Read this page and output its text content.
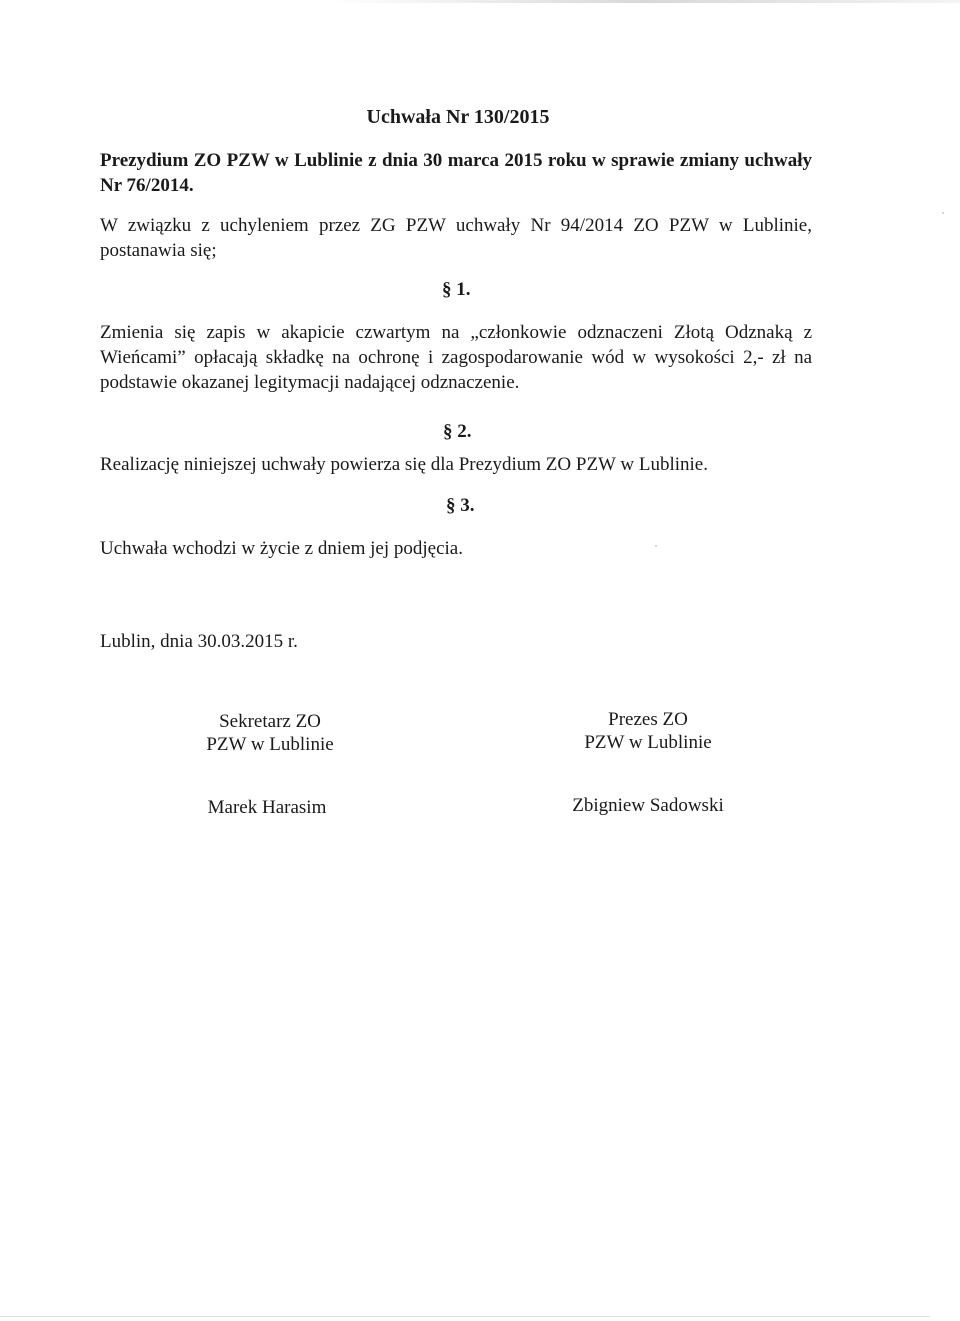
Uchwała Nr 130/2015
Prezydium ZO PZW w Lublinie z dnia 30 marca 2015 roku w sprawie zmiany uchwały Nr 76/2014.
W związku z uchyleniem przez ZG PZW uchwały Nr 94/2014 ZO PZW w Lublinie, postanawia się;
§ 1.
Zmienia się zapis w akapicie czwartym na „członkowie odznaczeni Złotą Odznaką z Wieńcami” opłacają składkę na ochronę i zagospodarowanie wód w wysokości 2,- zł na podstawie okazanej legitymacji nadającej odznaczenie.
§ 2.
Realizację niniejszej uchwały powierza się dla Prezydium ZO PZW w Lublinie.
§ 3.
Uchwała wchodzi w życie z dniem jej podjęcia.
Lublin, dnia 30.03.2015 r.
Sekretarz ZO
PZW w Lublinie
Prezes ZO
PZW w Lublinie
Marek Harasim	Zbigniew Sadowski
